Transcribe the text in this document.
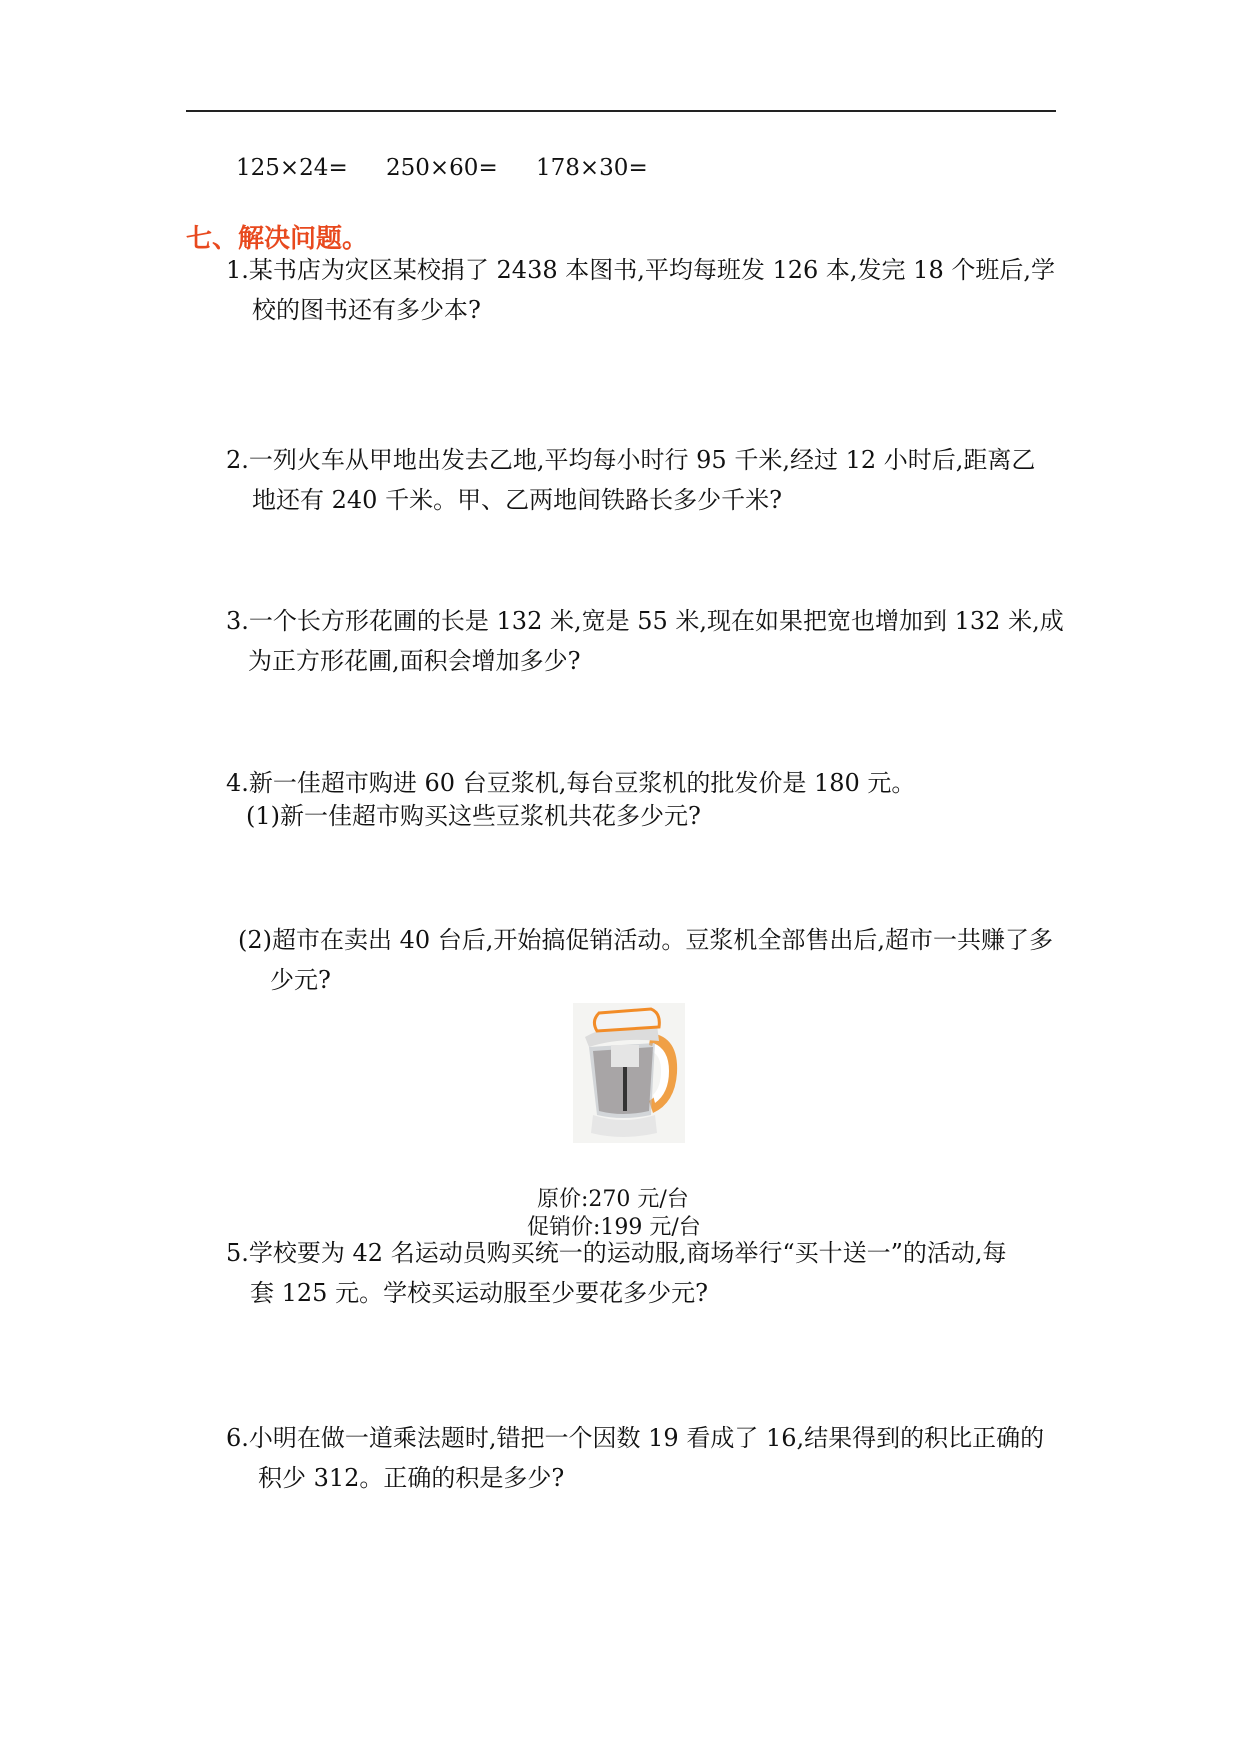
125×24= 250×60= 178×30=
七、解决问题。
1.某书店为灾区某校捐了 2438 本图书,平均每班发 126 本,发完 18 个班后,学
校的图书还有多少本?
2.一列火车从甲地出发去乙地,平均每小时行 95 千米,经过 12 小时后,距离乙
地还有 240 千米。甲、乙两地间铁路长多少千米?
3.一个长方形花圃的长是 132 米,宽是 55 米,现在如果把宽也增加到 132 米,成
为正方形花圃,面积会增加多少?
4.新一佳超市购进 60 台豆浆机,每台豆浆机的批发价是 180 元。
(1)新一佳超市购买这些豆浆机共花多少元?
(2)超市在卖出 40 台后,开始搞促销活动。豆浆机全部售出后,超市一共赚了多
少元?
原价:270 元/台
促销价:199 元/台
5.学校要为 42 名运动员购买统一的运动服,商场举行“买十送一”的活动,每
套 125 元。学校买运动服至少要花多少元?
6.小明在做一道乘法题时,错把一个因数 19 看成了 16,结果得到的积比正确的
积少 312。正确的积是多少?
